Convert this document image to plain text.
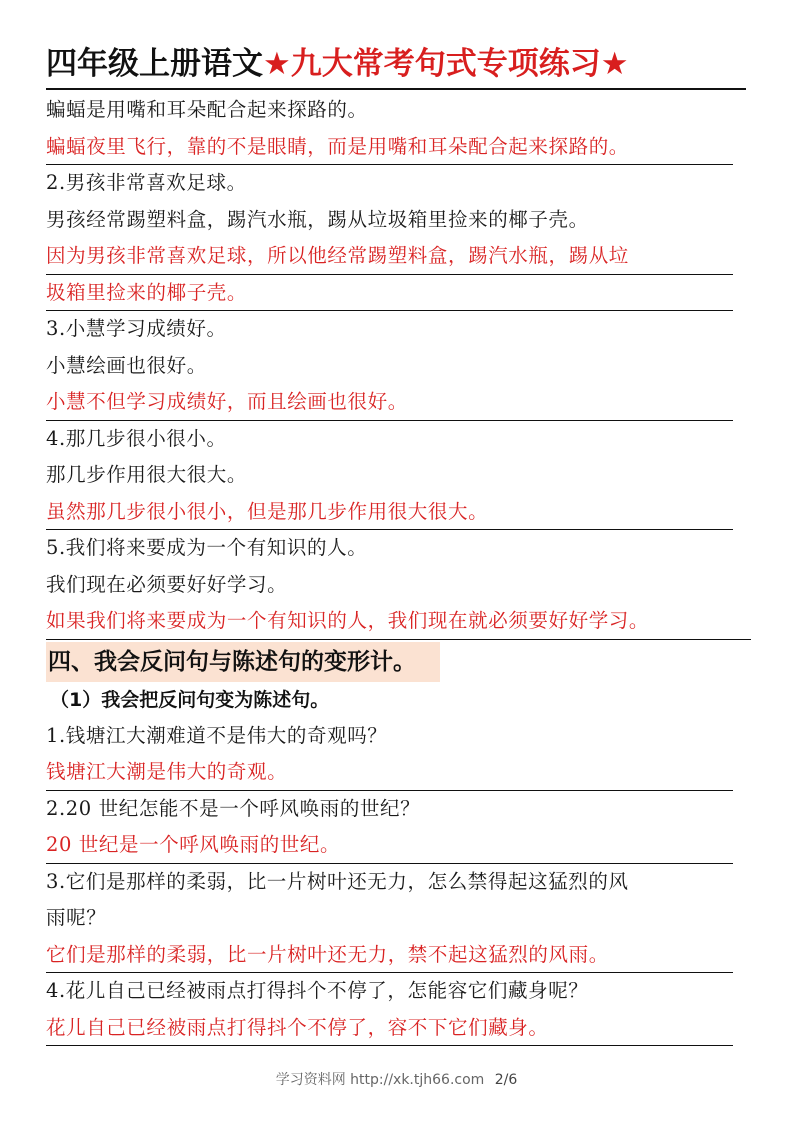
四年级上册语文★九大常考句式专项练习★
蝙蝠是用嘴和耳朵配合起来探路的。
蝙蝠夜里飞行，靠的不是眼睛，而是用嘴和耳朵配合起来探路的。
2.男孩非常喜欢足球。
男孩经常踢塑料盒，踢汽水瓶，踢从垃圾箱里捡来的椰子壳。
因为男孩非常喜欢足球，所以他经常踢塑料盒，踢汽水瓶，踢从垃
圾箱里捡来的椰子壳。
3.小慧学习成绩好。
小慧绘画也很好。
小慧不但学习成绩好，而且绘画也很好。
4.那几步很小很小。
那几步作用很大很大。
虽然那几步很小很小，但是那几步作用很大很大。
5.我们将来要成为一个有知识的人。
我们现在必须要好好学习。
如果我们将来要成为一个有知识的人，我们现在就必须要好好学习。
四、我会反问句与陈述句的变形计。
（1）我会把反问句变为陈述句。
1.钱塘江大潮难道不是伟大的奇观吗？
钱塘江大潮是伟大的奇观。
2.20 世纪怎能不是一个呼风唤雨的世纪？
20 世纪是一个呼风唤雨的世纪。
3.它们是那样的柔弱，比一片树叶还无力，怎么禁得起这猛烈的风
雨呢？
它们是那样的柔弱，比一片树叶还无力，禁不起这猛烈的风雨。
4.花儿自己已经被雨点打得抖个不停了，怎能容它们藏身呢？
花儿自己已经被雨点打得抖个不停了，容不下它们藏身。
学习资料网 http://xk.tjh66.com 2/6
